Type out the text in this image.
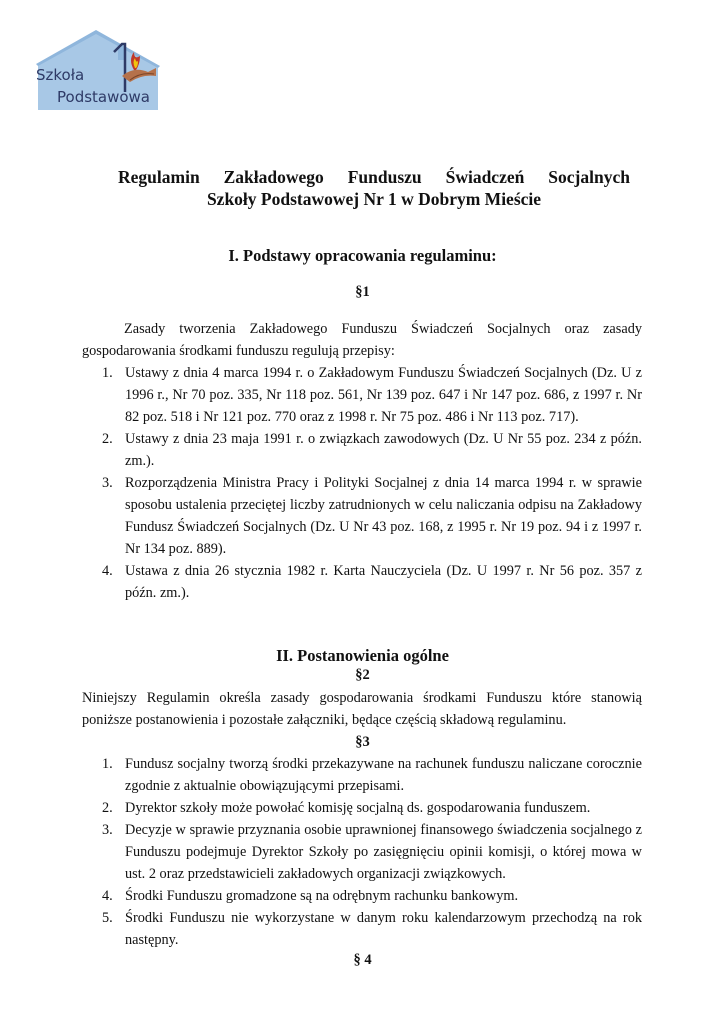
Szkoła
Podstawowa
Regulamin Zakładowego Funduszu Świadczeń Socjalnych
Szkoły Podstawowej Nr 1 w Dobrym Mieście
I. Podstawy opracowania regulaminu:
§1
Zasady tworzenia Zakładowego Funduszu Świadczeń Socjalnych oraz zasady gospodarowania środkami funduszu regulują przepisy:
1. Ustawy z dnia 4 marca 1994 r. o Zakładowym Funduszu Świadczeń Socjalnych (Dz. U z 1996 r., Nr 70 poz. 335, Nr 118 poz. 561, Nr 139 poz. 647 i Nr 147 poz. 686, z 1997 r. Nr 82 poz. 518 i Nr 121 poz. 770 oraz z 1998 r. Nr 75 poz. 486 i Nr 113 poz. 717).
2. Ustawy z dnia 23 maja 1991 r. o związkach zawodowych (Dz. U Nr 55 poz. 234 z późn. zm.).
3. Rozporządzenia Ministra Pracy i Polityki Socjalnej z dnia 14 marca 1994 r. w sprawie sposobu ustalenia przeciętej liczby zatrudnionych w celu naliczania odpisu na Zakładowy Fundusz Świadczeń Socjalnych (Dz. U Nr 43 poz. 168, z 1995 r. Nr 19 poz. 94 i z 1997 r. Nr 134 poz. 889).
4. Ustawa z dnia 26 stycznia 1982 r. Karta Nauczyciela (Dz. U 1997 r. Nr 56 poz. 357 z późn. zm.).
II. Postanowienia ogólne
§2
Niniejszy Regulamin określa zasady gospodarowania środkami Funduszu które stanowią poniższe postanowienia i pozostałe załączniki, będące częścią składową regulaminu.
§3
1. Fundusz socjalny tworzą środki przekazywane na rachunek funduszu naliczane corocznie zgodnie z aktualnie obowiązującymi przepisami.
2. Dyrektor szkoły może powołać komisję socjalną ds. gospodarowania funduszem.
3. Decyzje w sprawie przyznania osobie uprawnionej finansowego świadczenia socjalnego z Funduszu podejmuje Dyrektor Szkoły po zasięgnięciu opinii komisji, o której mowa w ust. 2 oraz przedstawicieli zakładowych organizacji związkowych.
4. Środki Funduszu gromadzone są na odrębnym rachunku bankowym.
5. Środki Funduszu nie wykorzystane w danym roku kalendarzowym przechodzą na rok następny.
§ 4
